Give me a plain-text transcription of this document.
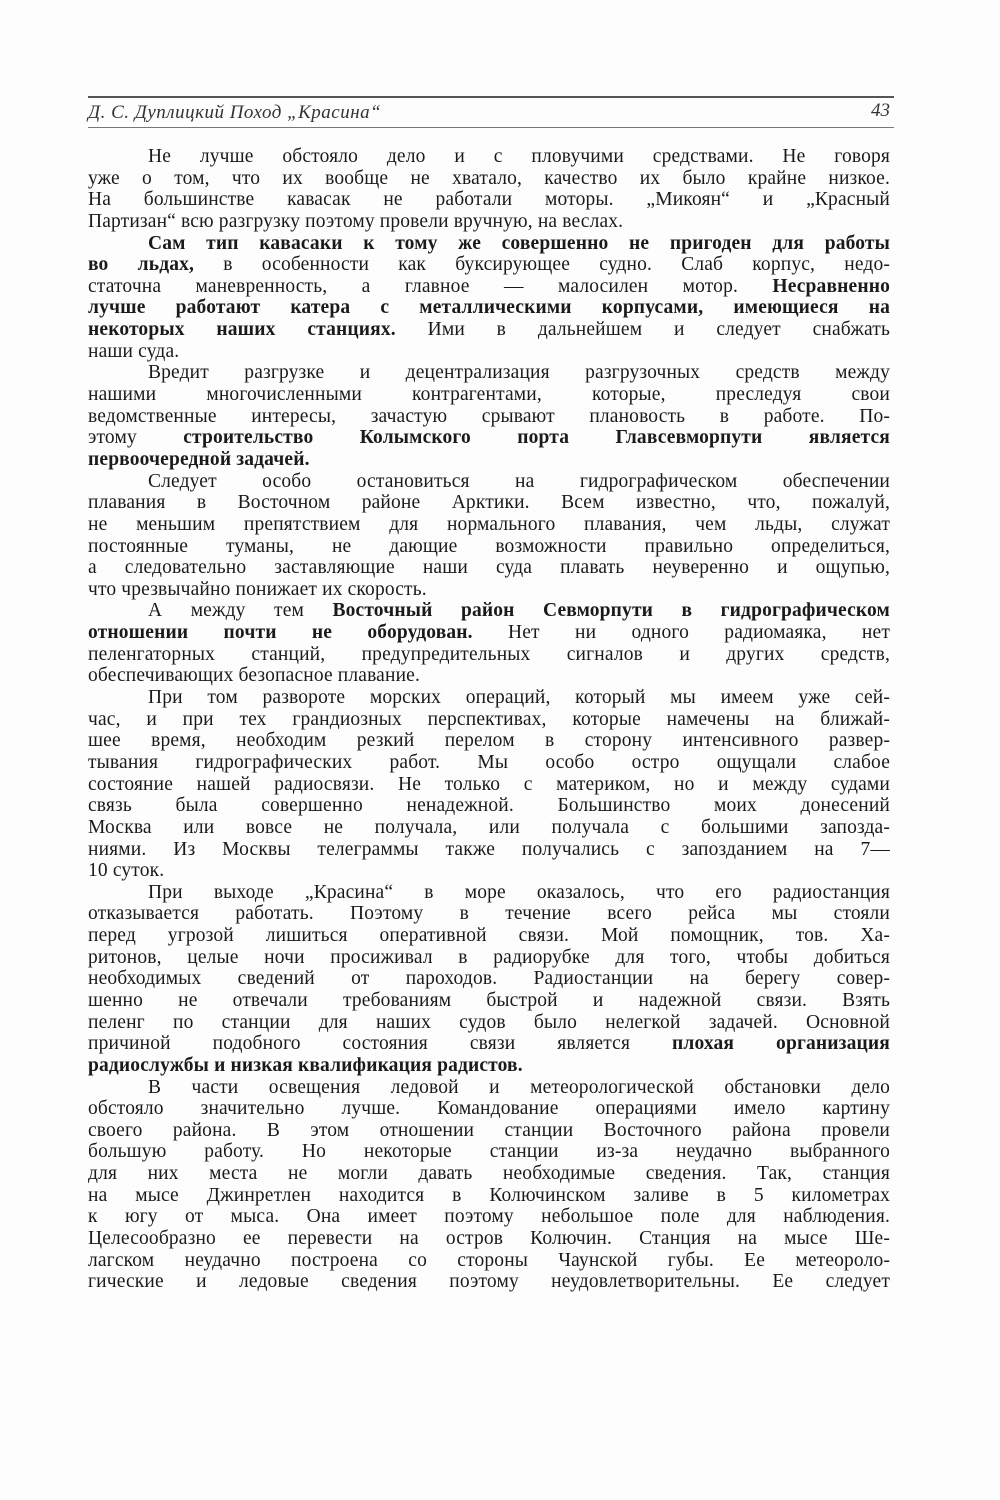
Д. С. Дуплицкий Поход „Красина“	43
Не лучше обстояло дело и с пловучими средствами. Не говоря
уже о том, что их вообще не хватало, качество их было крайне низкое.
На большинстве кавасак не работали моторы. „Микоян“ и „Красный
Партизан“ всю разгрузку поэтому провели вручную, на веслах.
Сам тип кавасаки к тому же совершенно не пригоден для работы
во льдах, в особенности как буксирующее судно. Слаб корпус, недо-
статочна маневренность, а главное — малосилен мотор. Несравненно
лучше работают катера с металлическими корпусами, имеющиеся на
некоторых наших станциях. Ими в дальнейшем и следует снабжать
наши суда.
Вредит разгрузке и децентрализация разгрузочных средств между
нашими многочисленными контрагентами, которые, преследуя свои
ведомственные интересы, зачастую срывают плановость в работе. По-
этому строительство Колымского порта Главсевморпути является
первоочередной задачей.
Следует особо остановиться на гидрографическом обеспечении
плавания в Восточном районе Арктики. Всем известно, что, пожалуй,
не меньшим препятствием для нормального плавания, чем льды, служат
постоянные туманы, не дающие возможности правильно определиться,
а следовательно заставляющие наши суда плавать неуверенно и ощупью,
что чрезвычайно понижает их скорость.
А между тем Восточный район Севморпути в гидрографическом
отношении почти не оборудован. Нет ни одного радиомаяка, нет
пеленгаторных станций, предупредительных сигналов и других средств,
обеспечивающих безопасное плавание.
При том развороте морских операций, который мы имеем уже сей-
час, и при тех грандиозных перспективах, которые намечены на ближай-
шее время, необходим резкий перелом в сторону интенсивного развер-
тывания гидрографических работ. Мы особо остро ощущали слабое
состояние нашей радиосвязи. Не только с материком, но и между судами
связь была совершенно ненадежной. Большинство моих донесений
Москва или вовсе не получала, или получала с большими запозда-
ниями. Из Москвы телеграммы также получались с запозданием на 7—
10 суток.
При выходе „Красина“ в море оказалось, что его радиостанция
отказывается работать. Поэтому в течение всего рейса мы стояли
перед угрозой лишиться оперативной связи. Мой помощник, тов. Ха-
ритонов, целые ночи просиживал в радиорубке для того, чтобы добиться
необходимых сведений от пароходов. Радиостанции на берегу совер-
шенно не отвечали требованиям быстрой и надежной связи. Взять
пеленг по станции для наших судов было нелегкой задачей. Основной
причиной подобного состояния связи является плохая организация
радиослужбы и низкая квалификация радистов.
В части освещения ледовой и метеорологической обстановки дело
обстояло значительно лучше. Командование операциями имело картину
своего района. В этом отношении станции Восточного района провели
большую работу. Но некоторые станции из-за неудачно выбранного
для них места не могли давать необходимые сведения. Так, станция
на мысе Джинретлен находится в Колючинском заливе в 5 километрах
к югу от мыса. Она имеет поэтому небольшое поле для наблюдения.
Целесообразно ее перевести на остров Колючин. Станция на мысе Ше-
лагском неудачно построена со стороны Чаунской губы. Ее метеороло-
гические и ледовые сведения поэтому неудовлетворительны. Ее следует
